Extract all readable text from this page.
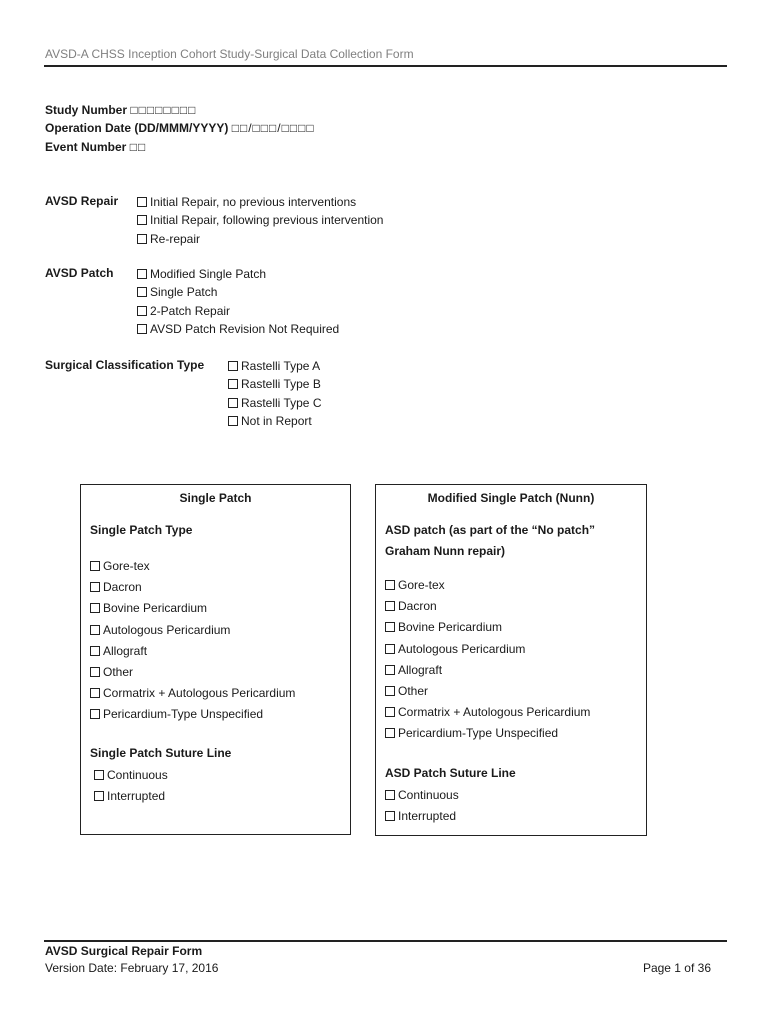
AVSD-A CHSS Inception Cohort Study-Surgical Data Collection Form
Study Number □□□□□□□□
Operation Date (DD/MMM/YYYY) □□/□□□/□□□□
Event Number □□
AVSD Repair	Initial Repair, no previous interventions
Initial Repair, following previous intervention
Re-repair
AVSD Patch	Modified Single Patch
Single Patch
2-Patch Repair
AVSD Patch Revision Not Required
Surgical Classification Type	Rastelli Type A
Rastelli Type B
Rastelli Type C
Not in Report
Single Patch
Single Patch Type
Gore-tex
Dacron
Bovine Pericardium
Autologous Pericardium
Allograft
Other
Cormatrix + Autologous Pericardium
Pericardium-Type Unspecified
Single Patch Suture Line
Continuous
Interrupted
Modified Single Patch (Nunn)
ASD patch (as part of the “No patch”
Graham Nunn repair)
Gore-tex
Dacron
Bovine Pericardium
Autologous Pericardium
Allograft
Other
Cormatrix + Autologous Pericardium
Pericardium-Type Unspecified
ASD Patch Suture Line
Continuous
Interrupted
AVSD Surgical Repair Form
Version Date: February 17, 2016	Page 1 of 36
